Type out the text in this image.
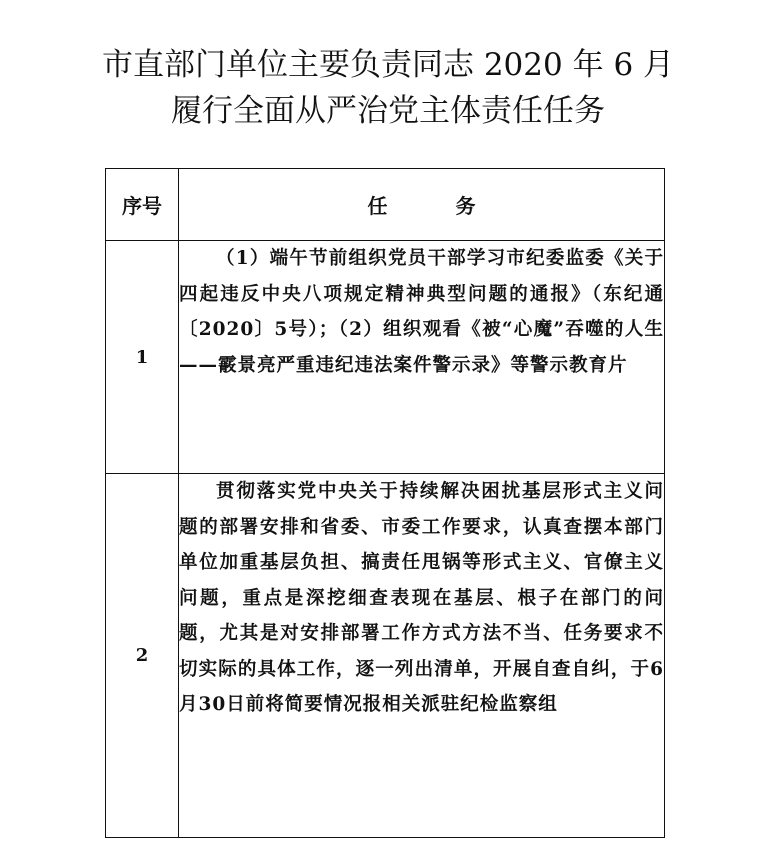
市直部门单位主要负责同志 2020 年 6 月
履行全面从严治党主体责任任务
序号	任 务
1	（1）端午节前组织党员干部学习市纪委监委《关于四起违反中央八项规定精神典型问题的通报》（东纪通〔2020〕5号）；（2）组织观看《被“心魔”吞噬的人生——霰景亮严重违纪违法案件警示录》等警示教育片
2	贯彻落实党中央关于持续解决困扰基层形式主义问题的部署安排和省委、市委工作要求，认真查摆本部门单位加重基层负担、搞责任甩锅等形式主义、官僚主义问题，重点是深挖细查表现在基层、根子在部门的问题，尤其是对安排部署工作方式方法不当、任务要求不切实际的具体工作，逐一列出清单，开展自查自纠，于6月30日前将简要情况报相关派驻纪检监察组
